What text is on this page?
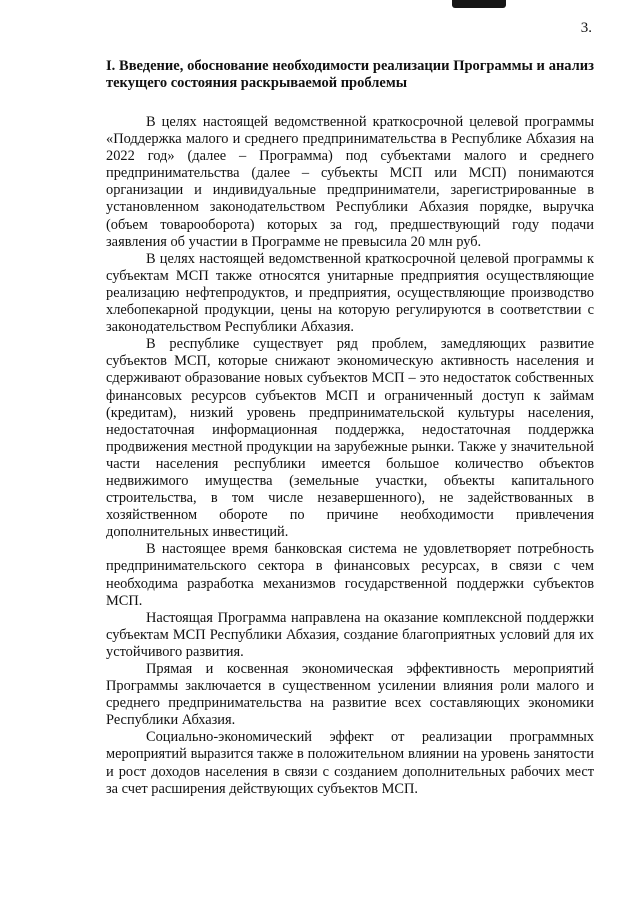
3.

I. Введение, обоснование необходимости реализации Программы и анализ текущего состояния раскрываемой проблемы

В целях настоящей ведомственной краткосрочной целевой программы «Поддержка малого и среднего предпринимательства в Республике Абхазия на 2022 год» (далее – Программа) под субъектами малого и среднего предпринимательства (далее – субъекты МСП или МСП) понимаются организации и индивидуальные предприниматели, зарегистрированные в установленном законодательством Республики Абхазия порядке, выручка (объем товарооборота) которых за год, предшествующий году подачи заявления об участии в Программе не превысила 20 млн руб.

В целях настоящей ведомственной краткосрочной целевой программы к субъектам МСП также относятся унитарные предприятия осуществляющие реализацию нефтепродуктов, и предприятия, осуществляющие производство хлебопекарной продукции, цены на которую регулируются в соответствии с законодательством Республики Абхазия.

В республике существует ряд проблем, замедляющих развитие субъектов МСП, которые снижают экономическую активность населения и сдерживают образование новых субъектов МСП – это недостаток собственных финансовых ресурсов субъектов МСП и ограниченный доступ к займам (кредитам), низкий уровень предпринимательской культуры населения, недостаточная информационная поддержка, недостаточная поддержка продвижения местной продукции на зарубежные рынки. Также у значительной части населения республики имеется большое количество объектов недвижимого имущества (земельные участки, объекты капитального строительства, в том числе незавершенного), не задействованных в хозяйственном обороте по причине необходимости привлечения дополнительных инвестиций.

В настоящее время банковская система не удовлетворяет потребность предпринимательского сектора в финансовых ресурсах, в связи с чем необходима разработка механизмов государственной поддержки субъектов МСП.

Настоящая Программа направлена на оказание комплексной поддержки субъектам МСП Республики Абхазия, создание благоприятных условий для их устойчивого развития.

Прямая и косвенная экономическая эффективность мероприятий Программы заключается в существенном усилении влияния роли малого и среднего предпринимательства на развитие всех составляющих экономики Республики Абхазия.

Социально-экономический эффект от реализации программных мероприятий выразится также в положительном влиянии на уровень занятости и рост доходов населения в связи с созданием дополнительных рабочих мест за счет расширения действующих субъектов МСП.
